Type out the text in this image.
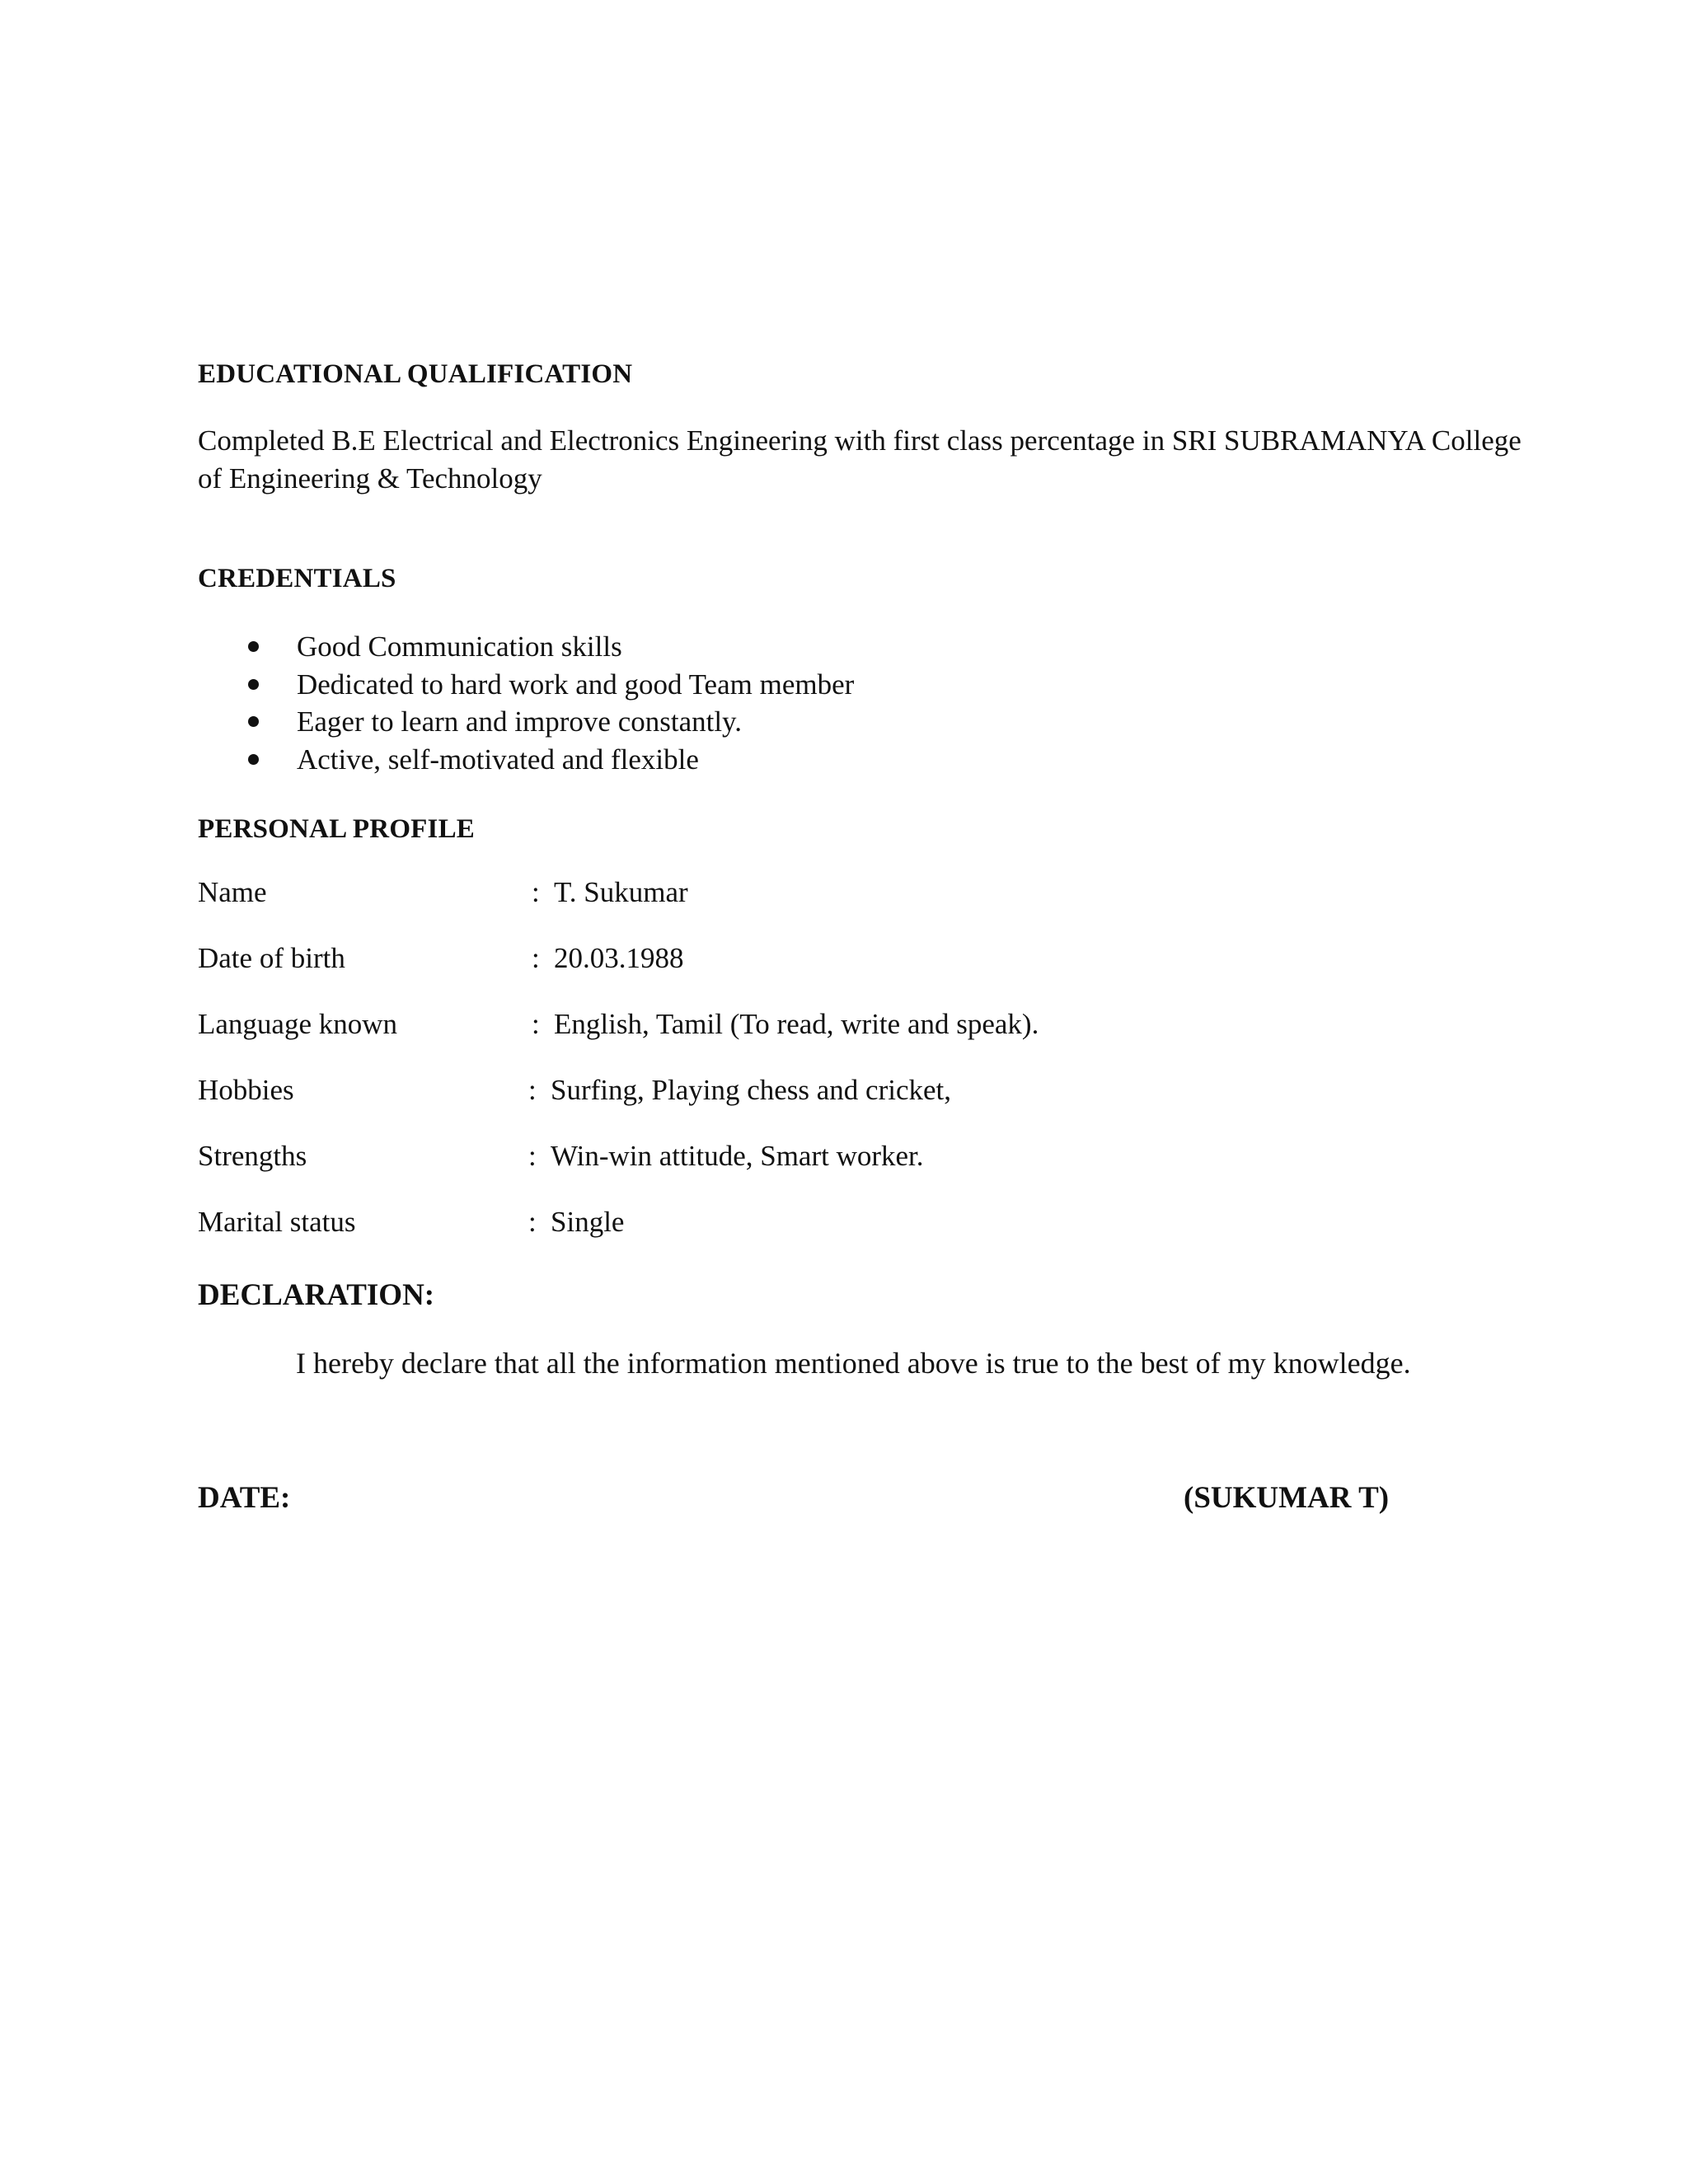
EDUCATIONAL QUALIFICATION

Completed B.E Electrical and Electronics Engineering with first class percentage in SRI SUBRAMANYA College of Engineering & Technology

CREDENTIALS
Good Communication skills
Dedicated to hard work and good Team member
Eager to learn and improve constantly.
Active, self-motivated and flexible
PERSONAL PROFILE
Name	: T. Sukumar
Date of birth	: 20.03.1988
Language known	: English, Tamil (To read, write and speak).
Hobbies	: Surfing, Playing chess and cricket,
Strengths	: Win-win attitude, Smart worker.
Marital status	: Single
DECLARATION:
I hereby declare that all the information mentioned above is true to the best of my knowledge.
DATE:	(SUKUMAR T)
